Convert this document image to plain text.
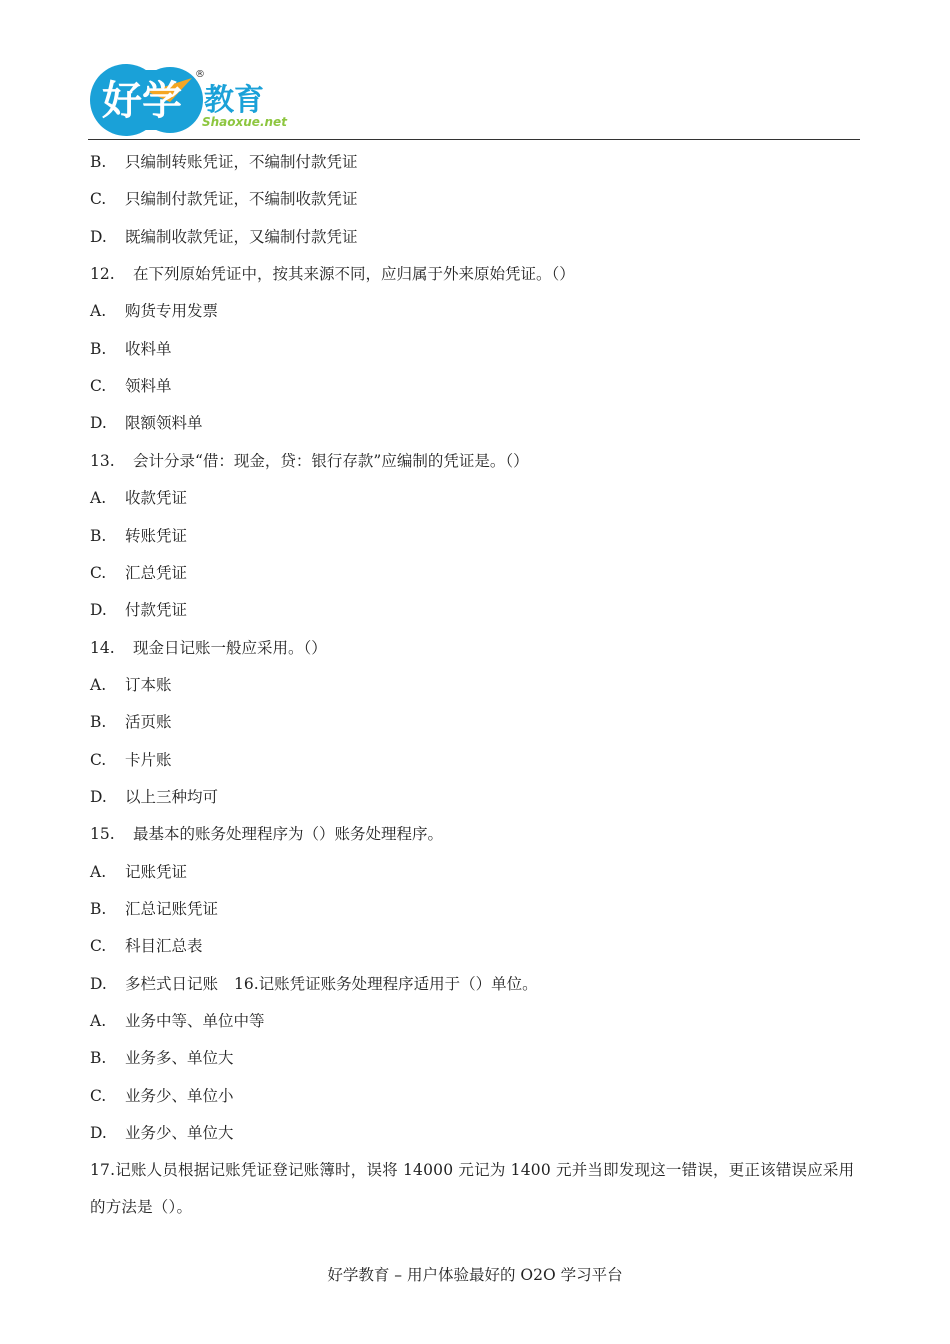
好学 教育
Shaoxue.net
®
B. 只编制转账凭证，不编制付款凭证
C. 只编制付款凭证，不编制收款凭证
D. 既编制收款凭证，又编制付款凭证
12. 在下列原始凭证中，按其来源不同，应归属于外来原始凭证。（）
A. 购货专用发票
B. 收料单
C. 领料单
D. 限额领料单
13. 会计分录“借：现金，贷：银行存款”应编制的凭证是。（）
A. 收款凭证
B. 转账凭证
C. 汇总凭证
D. 付款凭证
14. 现金日记账一般应采用。（）
A. 订本账
B. 活页账
C. 卡片账
D. 以上三种均可
15. 最基本的账务处理程序为（）账务处理程序。
A. 记账凭证
B. 汇总记账凭证
C. 科目汇总表
D. 多栏式日记账 16.记账凭证账务处理程序适用于（）单位。
A. 业务中等、单位中等
B. 业务多、单位大
C. 业务少、单位小
D. 业务少、单位大
17.记账人员根据记账凭证登记账簿时，误将 14000 元记为 1400 元并当即发现这一错误，更正该错误应采用的方法是（）。
好学教育 – 用户体验最好的 O2O 学习平台
